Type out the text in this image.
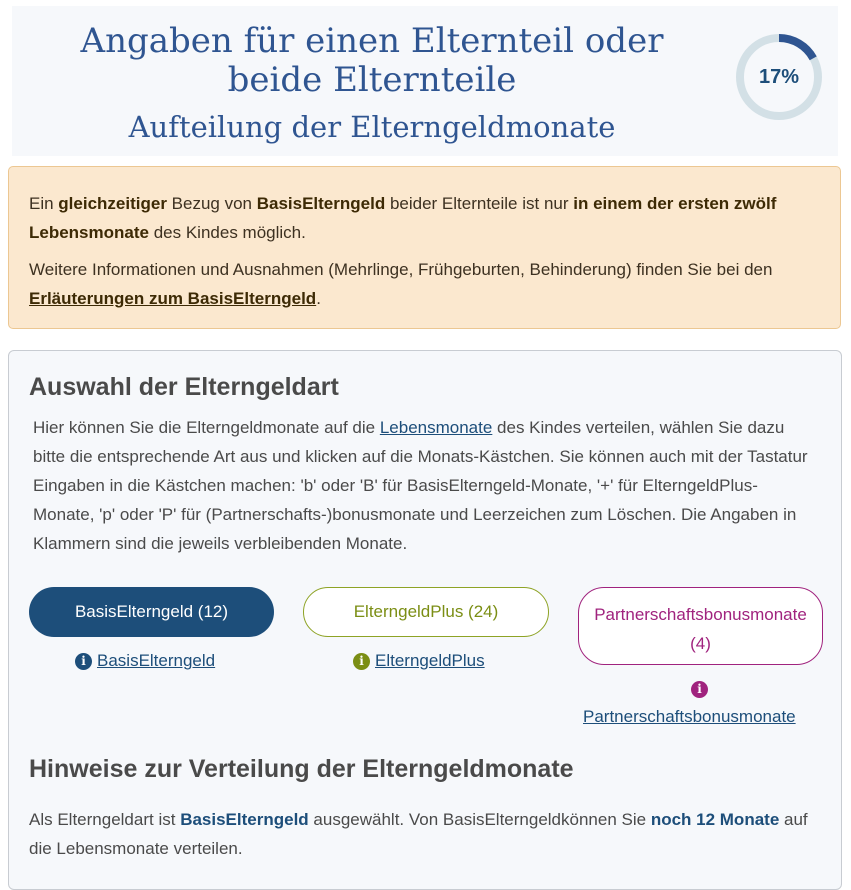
Angaben für einen Elternteil oder beide Elternteile
Aufteilung der Elterngeldmonate
17%

Ein gleichzeitiger Bezug von BasisElterngeld beider Elternteile ist nur in einem der ersten zwölf Lebensmonate des Kindes möglich.

Weitere Informationen und Ausnahmen (Mehrlinge, Frühgeburten, Behinderung) finden Sie bei den Erläuterungen zum BasisElterngeld.

Auswahl der Elterngeldart

Hier können Sie die Elterngeldmonate auf die Lebensmonate des Kindes verteilen, wählen Sie dazu bitte die entsprechende Art aus und klicken auf die Monats-Kästchen. Sie können auch mit der Tastatur Eingaben in die Kästchen machen: 'b' oder 'B' für BasisElterngeld-Monate, '+' für ElterngeldPlus-Monate, 'p' oder 'P' für (Partnerschafts-)bonusmonate und Leerzeichen zum Löschen. Die Angaben in Klammern sind die jeweils verbleibenden Monate.

BasisElterngeld (12)	ElterngeldPlus (24)	Partnerschaftsbonusmonate (4)
i BasisElterngeld	i ElterngeldPlus
i
Partnerschaftsbonusmonate
Hinweise zur Verteilung der Elterngeldmonate

Als Elterngeldart ist BasisElterngeld ausgewählt. Von BasisElterngeldkönnen Sie noch 12 Monate auf die Lebensmonate verteilen.
